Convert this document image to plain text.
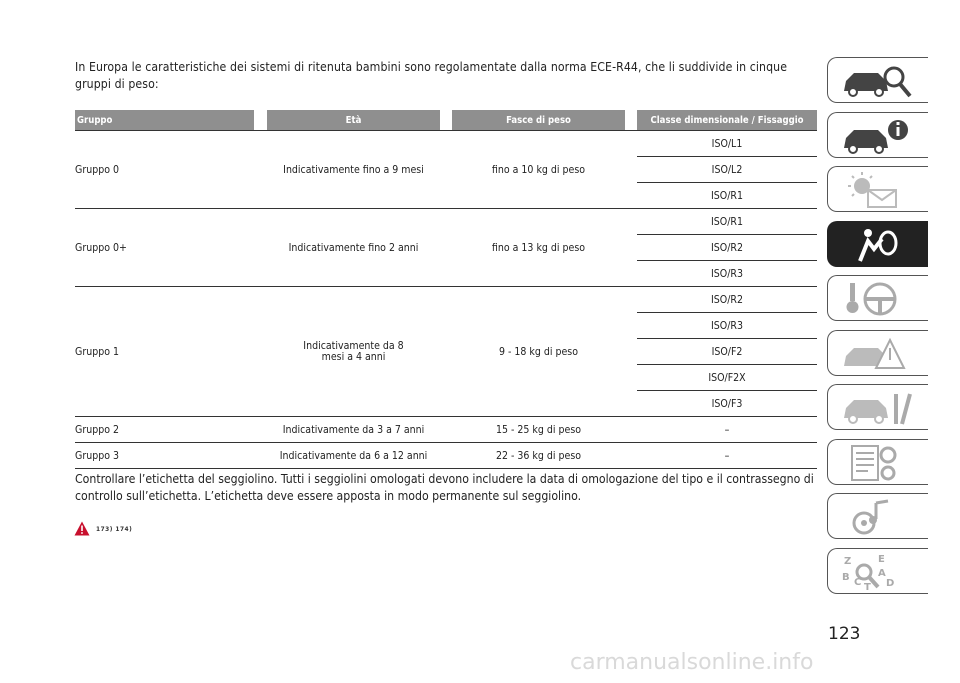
In Europa le caratteristiche dei sistemi di ritenuta bambini sono regolamentate dalla norma ECE-R44, che li suddivide in cinque gruppi di peso:
Gruppo		Età		Fasce di peso		Classe dimensionale / Fissaggio
Gruppo 0		Indicativamente fino a 9 mesi		fino a 10 kg di peso		ISO/L1
						ISO/L2
						ISO/R1
Gruppo 0+		Indicativamente fino 2 anni		fino a 13 kg di peso		ISO/R1
						ISO/R2
						ISO/R3
Gruppo 1		Indicativamente da 8 mesi a 4 anni		9 - 18 kg di peso		ISO/R2
						ISO/R3
						ISO/F2
						ISO/F2X
						ISO/F3
Gruppo 2		Indicativamente da 3 a 7 anni		15 - 25 kg di peso		–
Gruppo 3		Indicativamente da 6 a 12 anni		22 - 36 kg di peso		–
Controllare l’etichetta del seggiolino. Tutti i seggiolini omologati devono includere la data di omologazione del tipo e il contrassegno di controllo sull’etichetta. L’etichetta deve essere apposta in modo permanente sul seggiolino.
173) 174)
Z	E
B C
A
D
T
123
carmanualsonline.info
